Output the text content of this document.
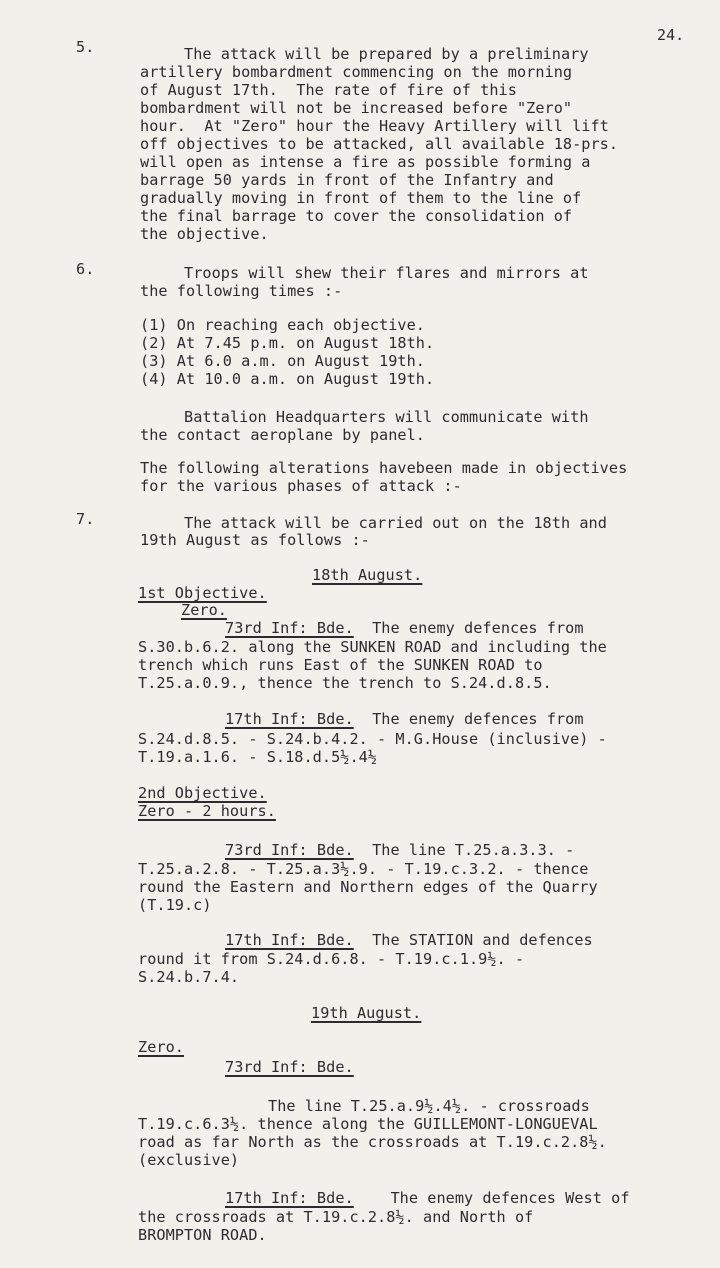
24.
5.	The attack will be prepared by a preliminary
artillery bombardment commencing on the morning
of August 17th.  The rate of fire of this
bombardment will not be increased before "Zero"
hour.  At "Zero" hour the Heavy Artillery will lift
off objectives to be attacked, all available 18-prs.
will open as intense a fire as possible forming a
barrage 50 yards in front of the Infantry and
gradually moving in front of them to the line of
the final barrage to cover the consolidation of
the objective.
6.	Troops will shew their flares and mirrors at
the following times :-
(1) On reaching each objective.
(2) At 7.45 p.m. on August 18th.
(3) At 6.0 a.m. on August 19th.
(4) At 10.0 a.m. on August 19th.
Battalion Headquarters will communicate with
the contact aeroplane by panel.
The following alterations havebeen made in objectives
for the various phases of attack :-
7.	The attack will be carried out on the 18th and
19th August as follows :-
18th August.
1st Objective.
Zero.
73rd Inf: Bde.  The enemy defences from
S.30.b.6.2. along the SUNKEN ROAD and including the
trench which runs East of the SUNKEN ROAD to
T.25.a.0.9., thence the trench to S.24.d.8.5.
17th Inf: Bde.  The enemy defences from
S.24.d.8.5. - S.24.b.4.2. - M.G.House (inclusive) -
T.19.a.1.6. - S.18.d.5½.4½
2nd Objective.
Zero - 2 hours.
73rd Inf: Bde.  The line T.25.a.3.3. -
T.25.a.2.8. - T.25.a.3½.9. - T.19.c.3.2. - thence
round the Eastern and Northern edges of the Quarry
(T.19.c)
17th Inf: Bde.  The STATION and defences
round it from S.24.d.6.8. - T.19.c.1.9½. -
S.24.b.7.4.
19th August.
Zero.
73rd Inf: Bde.
The line T.25.a.9½.4½. - crossroads
T.19.c.6.3½. thence along the GUILLEMONT-LONGUEVAL
road as far North as the crossroads at T.19.c.2.8½.
(exclusive)
17th Inf: Bde.    The enemy defences West of
the crossroads at T.19.c.2.8½. and North of
BROMPTON ROAD.
